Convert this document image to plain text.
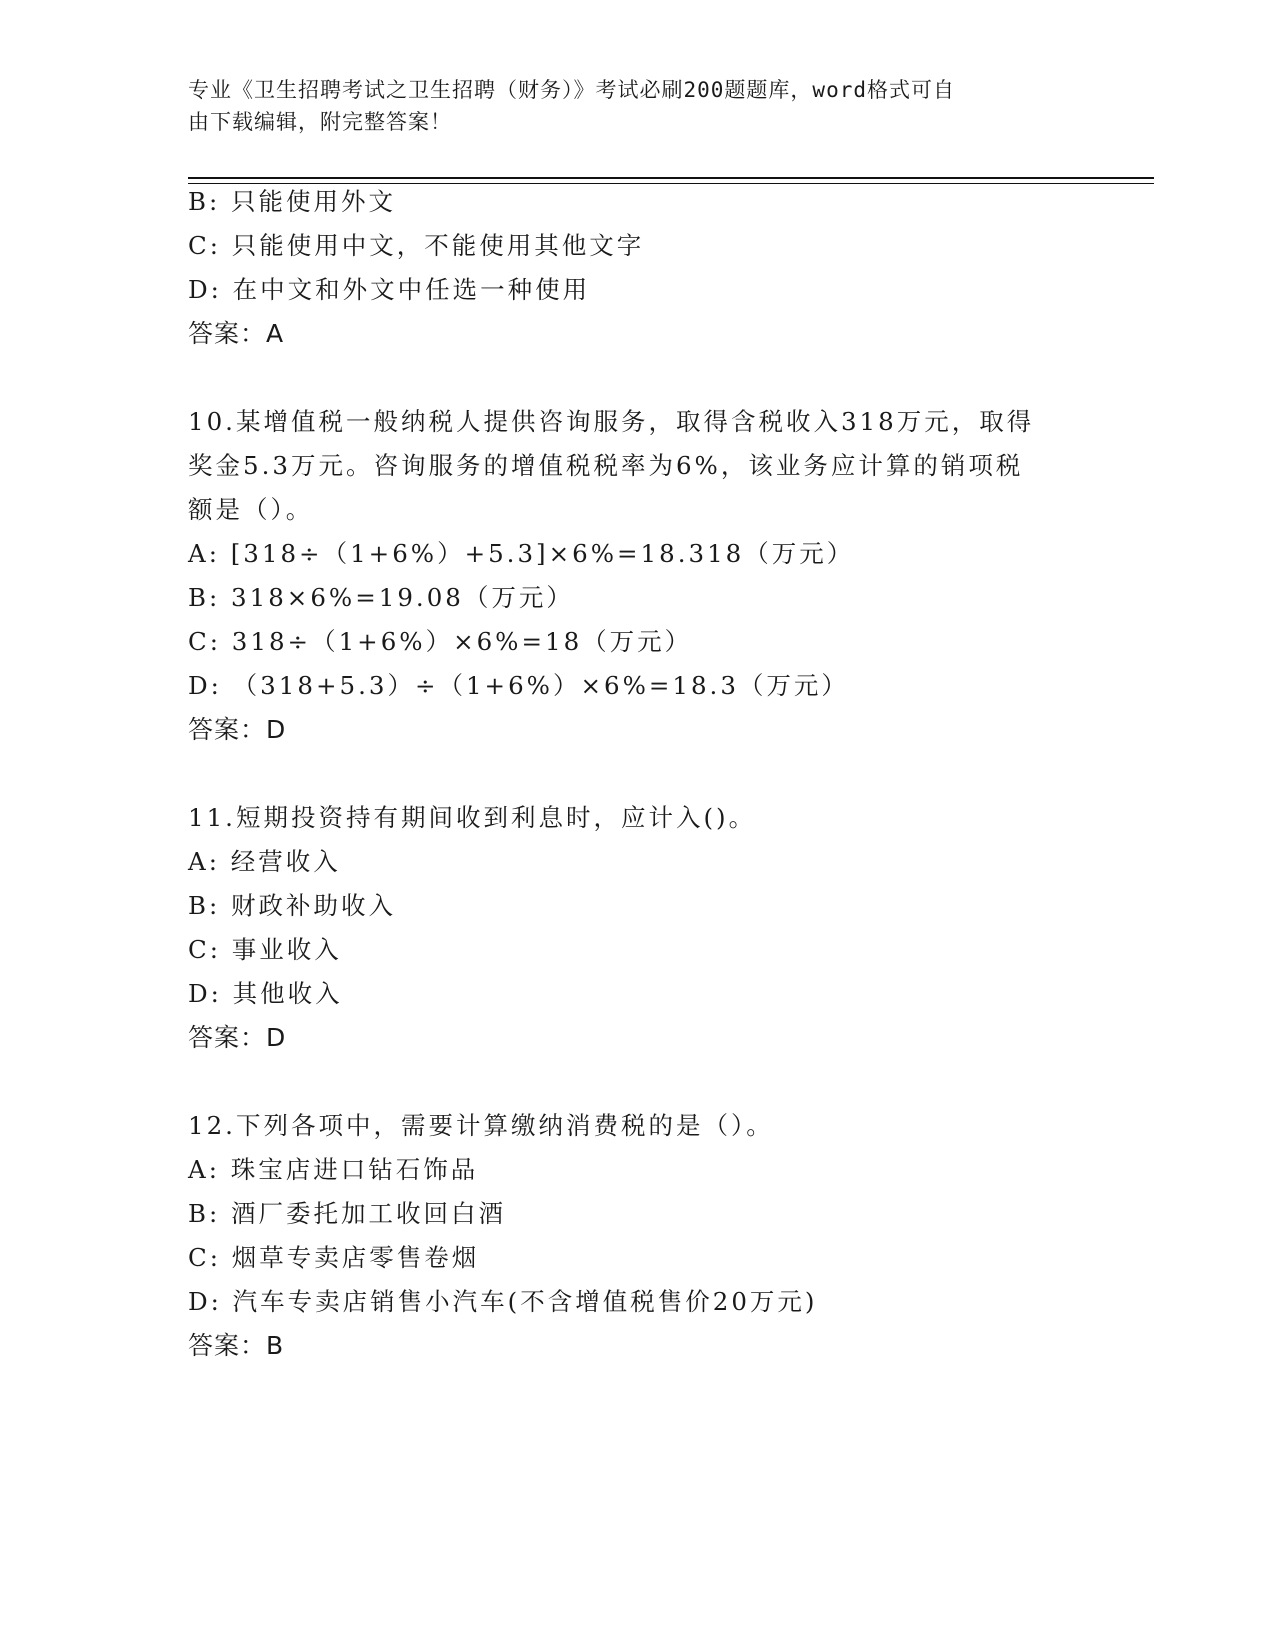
专业《卫生招聘考试之卫生招聘（财务）》考试必刷200题题库，word格式可自
由下载编辑，附完整答案！
B: 只能使用外文
C: 只能使用中文，不能使用其他文字
D: 在中文和外文中任选一种使用
答案：A
10.某增值税一般纳税人提供咨询服务，取得含税收入318万元，取得
奖金5.3万元。咨询服务的增值税税率为6%，该业务应计算的销项税
额是（）。
A: [318÷（1+6%）+5.3]×6%=18.318（万元）
B: 318×6%=19.08（万元）
C: 318÷（1+6%）×6%=18（万元）
D: （318+5.3）÷（1+6%）×6%=18.3（万元）
答案：D
11.短期投资持有期间收到利息时，应计入()。
A: 经营收入
B: 财政补助收入
C: 事业收入
D: 其他收入
答案：D
12.下列各项中，需要计算缴纳消费税的是（）。
A: 珠宝店进口钻石饰品
B: 酒厂委托加工收回白酒
C: 烟草专卖店零售卷烟
D: 汽车专卖店销售小汽车(不含增值税售价20万元)
答案：B
